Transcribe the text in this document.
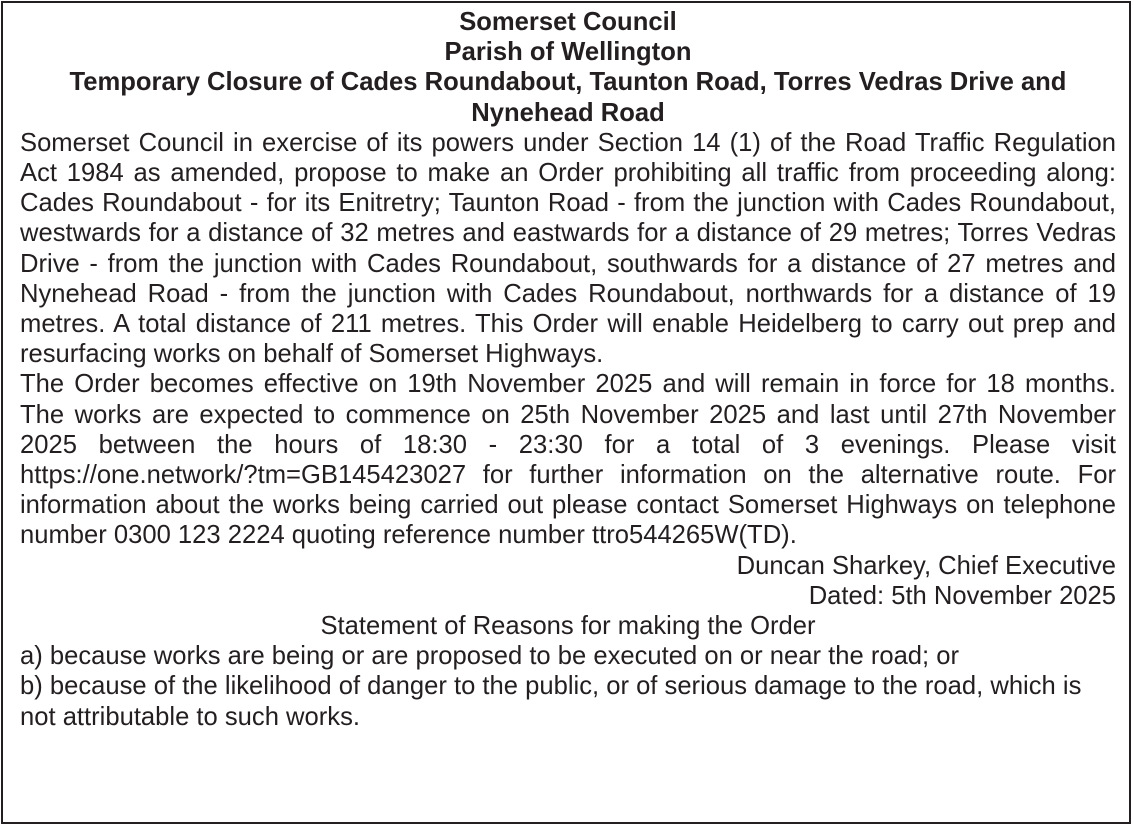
Somerset Council

Parish of Wellington

Temporary Closure of Cades Roundabout, Taunton Road, Torres Vedras Drive and Nynehead Road

Somerset Council in exercise of its powers under Section 14 (1) of the Road Traffic Regulation Act 1984 as amended, propose to make an Order prohibiting all traffic from proceeding along: Cades Roundabout - for its Enitretry; Taunton Road - from the junction with Cades Roundabout, westwards for a distance of 32 metres and eastwards for a distance of 29 metres; Torres Vedras Drive - from the junction with Cades Roundabout, southwards for a distance of 27 metres and Nynehead Road - from the junction with Cades Roundabout, northwards for a distance of 19 metres. A total distance of 211 metres. This Order will enable Heidelberg to carry out prep and resurfacing works on behalf of Somerset Highways.

The Order becomes effective on 19th November 2025 and will remain in force for 18 months. The works are expected to commence on 25th November 2025 and last until 27th November 2025 between the hours of 18:30 - 23:30 for a total of 3 evenings. Please visit https://one.network/?tm=GB145423027 for further information on the alternative route. For information about the works being carried out please contact Somerset Highways on telephone number 0300 123 2224 quoting reference number ttro544265W(TD).

Duncan Sharkey, Chief Executive

Dated: 5th November 2025

Statement of Reasons for making the Order

a) because works are being or are proposed to be executed on or near the road; or

b) because of the likelihood of danger to the public, or of serious damage to the road, which is not attributable to such works.
